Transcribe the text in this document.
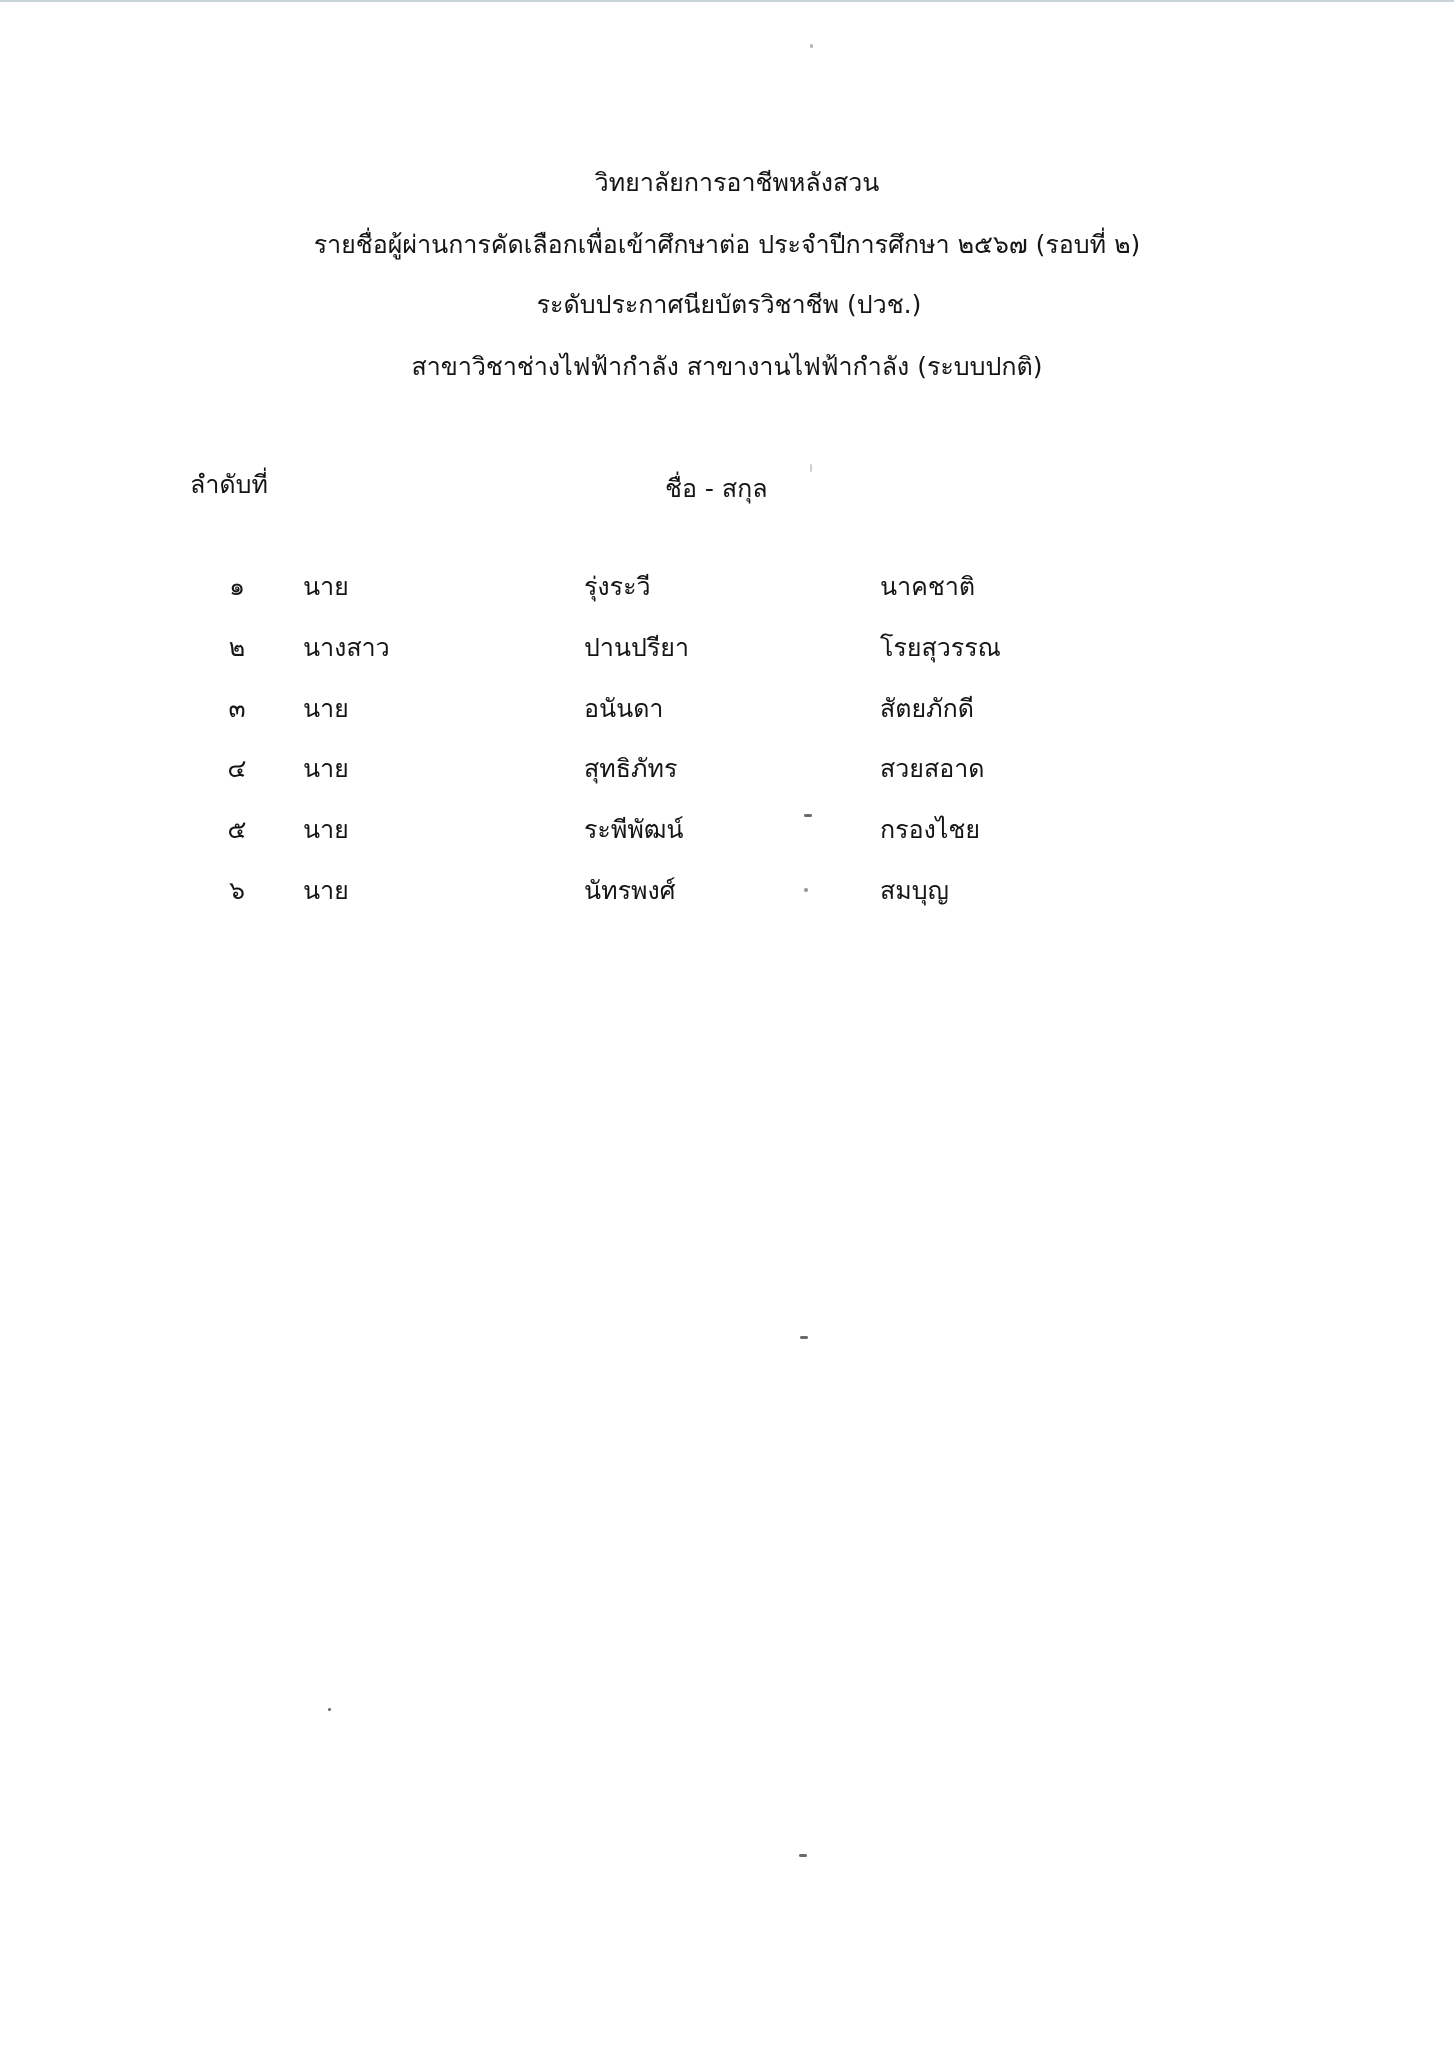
วิทยาลัยการอาชีพหลังสวน
รายชื่อผู้ผ่านการคัดเลือกเพื่อเข้าศึกษาต่อ ประจำปีการศึกษา ๒๕๖๗ (รอบที่ ๒)
ระดับประกาศนียบัตรวิชาชีพ (ปวช.)
สาขาวิชาช่างไฟฟ้ากำลัง สาขางานไฟฟ้ากำลัง (ระบบปกติ)
ลำดับที่	ชื่อ - สกุล
๑ นาย	รุ่งระวี	นาคชาติ
๒ นางสาว	ปานปรียา	โรยสุวรรณ
๓ นาย	อนันดา	สัตยภักดี
๔ นาย	สุทธิภัทร	สวยสอาด
๕ นาย	ระพีพัฒน์	กรองไชย
๖ นาย	นัทรพงศ์	สมบุญ
